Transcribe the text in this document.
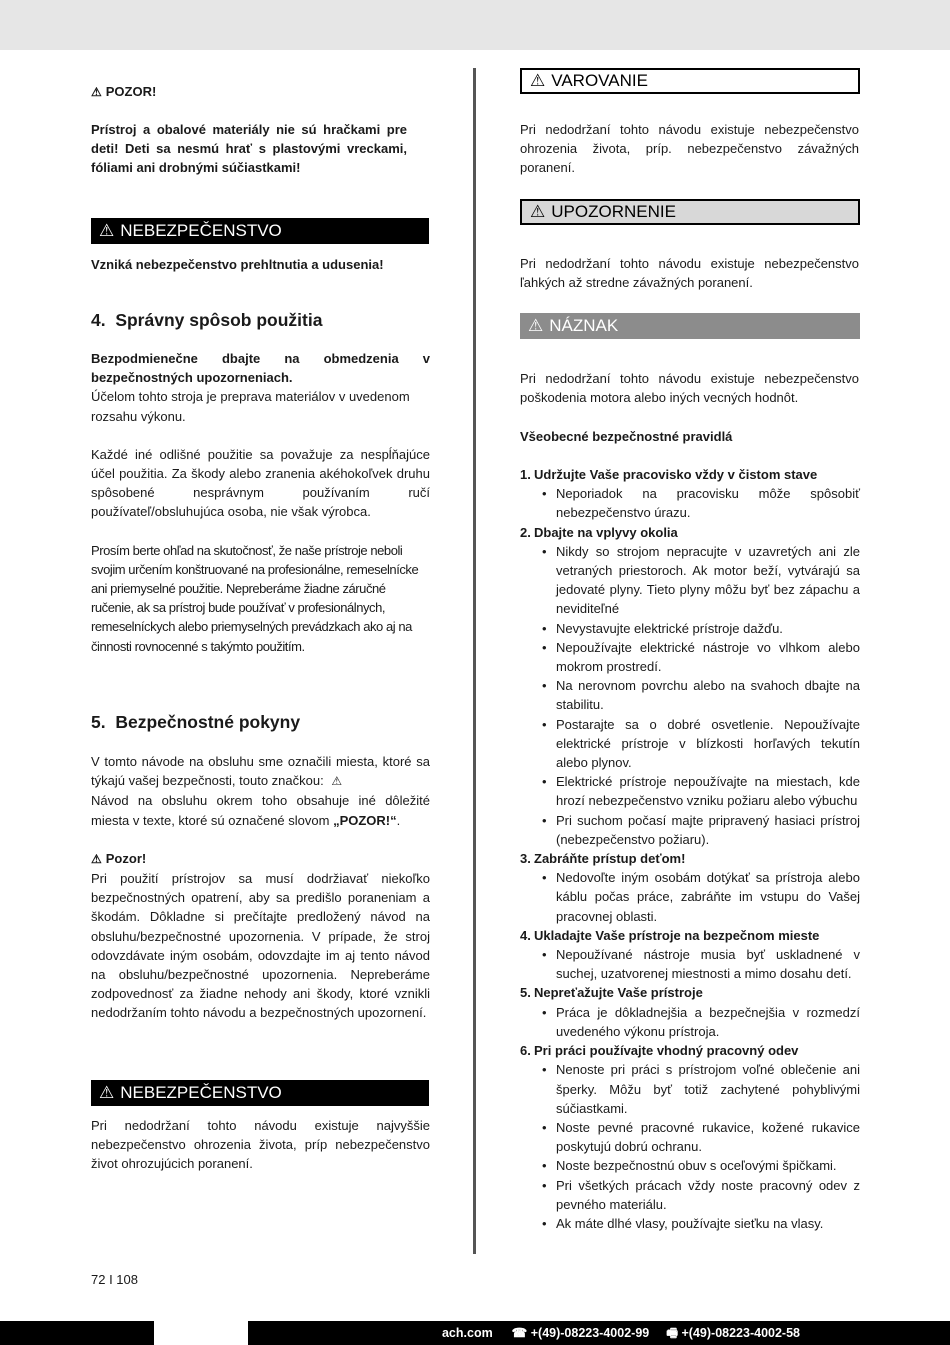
⚠ POZOR!
Prístroj a obalové materiály nie sú hračkami pre deti! Deti sa nesmú hrať s plastovými vreckami, fóliami ani drobnými súčiastkami!
⚠ NEBEZPEČENSTVO
Vzniká nebezpečenstvo prehltnutia a udusenia!
4.  Správny spôsob použitia

Bezpodmienečne dbajte na obmedzenia v bezpečnostných upozorneniach.

Účelom tohto stroja je preprava materiálov v uvedenom rozsahu výkonu.

Každé iné odlišné použitie sa považuje za nespĺňajúce účel použitia. Za škody alebo zranenia akéhokoľvek druhu spôsobené nesprávnym používaním ručí používateľ/obsluhujúca osoba, nie však výrobca.

Prosím berte ohľad na skutočnosť, že naše prístroje neboli svojim určením konštruované na profesionálne, remeselnícke ani priemyselné použitie. Nepreberáme žiadne záručné ručenie, ak sa prístroj bude používať v profesionálnych, remeselníckych alebo priemyselných prevádzkach ako aj na činnosti rovnocenné s takýmto použitím.

5.  Bezpečnostné pokyny

V tomto návode na obsluhu sme označili miesta, ktoré sa týkajú vašej bezpečnosti, touto značkou: ⚠

Návod na obsluhu okrem toho obsahuje iné dôležité miesta v texte, ktoré sú označené slovom „POZOR!“.

⚠ Pozor!

Pri použití prístrojov sa musí dodržiavať niekoľko bezpečnostných opatrení, aby sa predišlo poraneniam a škodám. Dôkladne si prečítajte predložený návod na obsluhu/bezpečnostné upozornenia. V prípade, že stroj odovzdávate iným osobám, odovzdajte im aj tento návod na obsluhu/bezpečnostné upozornenia. Nepreberáme zodpovednosť za žiadne nehody ani škody, ktoré vznikli nedodržaním tohto návodu a bezpečnostných upozornení.

⚠ NEBEZPEČENSTVO
Pri nedodržaní tohto návodu existuje najvyššie nebezpečenstvo ohrozenia života, príp nebezpečenstvo život ohrozujúcich poranení.
⚠ VAROVANIE
Pri nedodržaní tohto návodu existuje nebezpečenstvo ohrozenia života, príp. nebezpečenstvo závažných poranení.
⚠ UPOZORNENIE
Pri nedodržaní tohto návodu existuje nebezpečenstvo ľahkých až stredne závažných poranení.
⚠ NÁZNAK
Pri nedodržaní tohto návodu existuje nebezpečenstvo poškodenia motora alebo iných vecných hodnôt.
Všeobecné bezpečnostné pravidlá
1. Udržujte Vaše pracovisko vždy v čistom stave
• Neporiadok na pracovisku môže spôsobiť nebezpečenstvo úrazu.
2. Dbajte na vplyvy okolia
• Nikdy so strojom nepracujte v uzavretých ani zle vetraných priestoroch. Ak motor beží, vytvárajú sa jedovaté plyny. Tieto plyny môžu byť bez zápachu a neviditeľné
• Nevystavujte elektrické prístroje dažďu.
• Nepoužívajte elektrické nástroje vo vlhkom alebo mokrom prostredí.
• Na nerovnom povrchu alebo na svahoch dbajte na stabilitu.
• Postarajte sa o dobré osvetlenie. Nepoužívajte elektrické prístroje v blízkosti horľavých tekutín alebo plynov.
• Elektrické prístroje nepoužívajte na miestach, kde hrozí nebezpečenstvo vzniku požiaru alebo výbuchu
• Pri suchom počasí majte pripravený hasiaci prístroj (nebezpečenstvo požiaru).
3. Zabráňte prístup deťom!
• Nedovoľte iným osobám dotýkať sa prístroja alebo káblu počas práce, zabráňte im vstupu do Vašej pracovnej oblasti.
4. Ukladajte Vaše prístroje na bezpečnom mieste
• Nepoužívané nástroje musia byť uskladnené v suchej, uzatvorenej miestnosti a mimo dosahu detí.
5. Nepreťažujte Vaše prístroje
• Práca je dôkladnejšia a bezpečnejšia v rozmedzí uvedeného výkonu prístroja.
6. Pri práci používajte vhodný pracovný odev
• Nenoste pri práci s prístrojom voľné oblečenie ani šperky. Môžu byť totiž zachytené pohyblivými súčiastkami.
• Noste pevné pracovné rukavice, kožené rukavice poskytujú dobrú ochranu.
• Noste bezpečnostnú obuv s oceľovými špičkami.
• Pri všetkých prácach vždy noste pracovný odev z pevného materiálu.
• Ak máte dlhé vlasy, používajte sieťku na vlasy.
72 I 108
ach.com ☎ +(49)-08223-4002-99 🖷 +(49)-08223-4002-58
